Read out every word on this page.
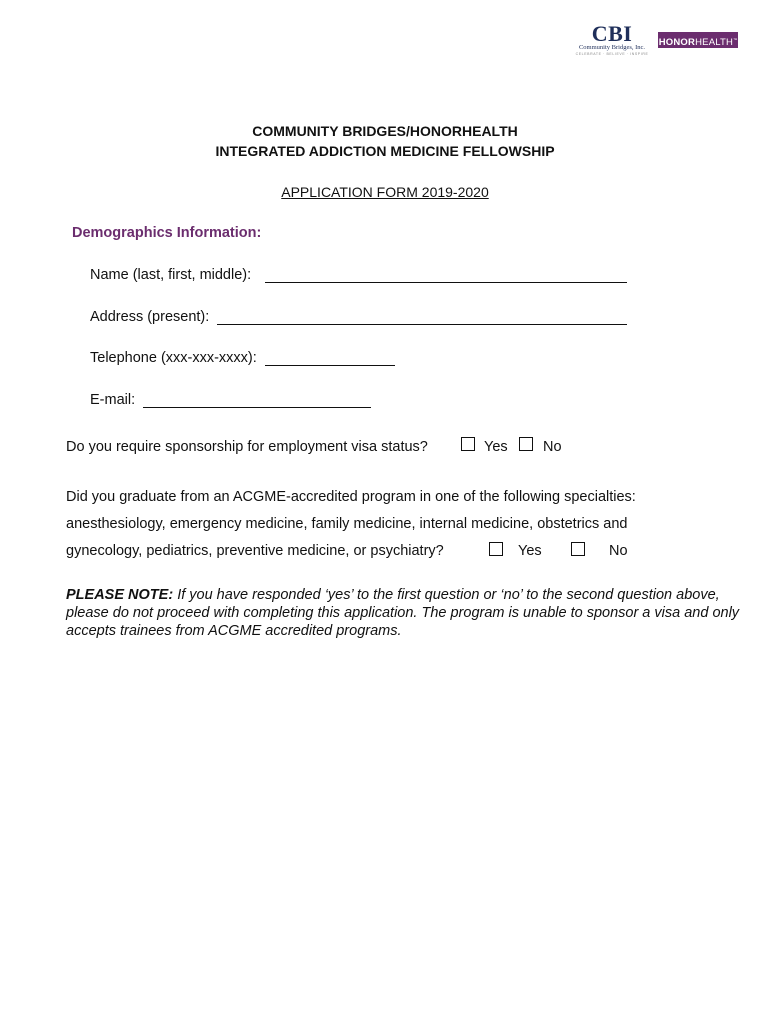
CBI
Community Bridges, Inc.
CELEBRATE · BELIEVE · INSPIRE
HONORHEALTH™
COMMUNITY BRIDGES/HONORHEALTH
INTEGRATED ADDICTION MEDICINE FELLOWSHIP
APPLICATION FORM 2019-2020
Demographics Information:
Name (last, first, middle):
Address (present):
Telephone (xxx-xxx-xxxx):
E-mail:
Do you require sponsorship for employment visa status?	Yes No
Did you graduate from an ACGME-accredited program in one of the following specialties:
anesthesiology, emergency medicine, family medicine, internal medicine, obstetrics and
gynecology, pediatrics, preventive medicine, or psychiatry?	Yes	No
PLEASE NOTE: If you have responded ‘yes’ to the first question or ‘no’ to the second question above, please do not proceed with completing this application. The program is unable to sponsor a visa and only accepts trainees from ACGME accredited programs.
